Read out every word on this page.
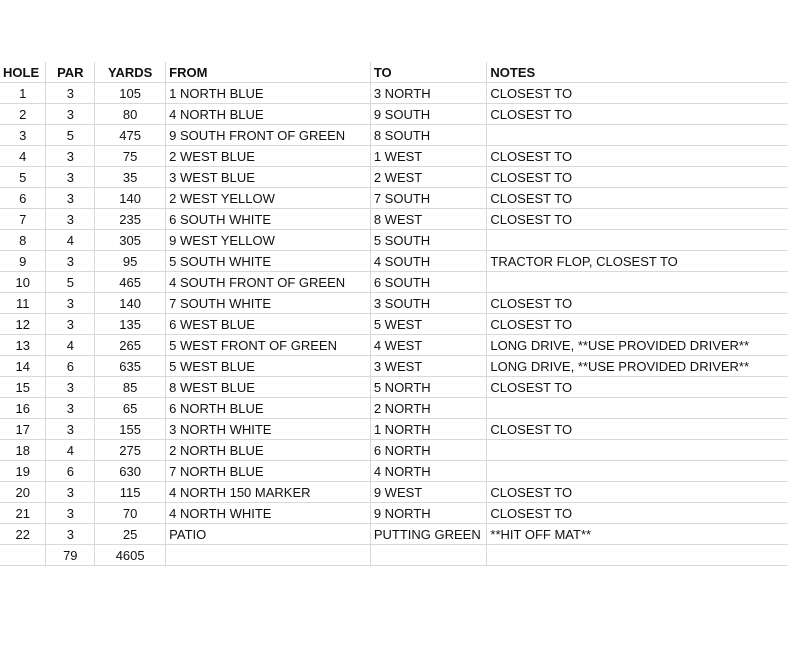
HOLE	PAR	YARDS	FROM	TO	NOTES
1	3	105	1 NORTH BLUE	3 NORTH	CLOSEST TO
2	3	80	4 NORTH BLUE	9 SOUTH	CLOSEST TO
3	5	475	9 SOUTH FRONT OF GREEN	8 SOUTH	
4	3	75	2 WEST BLUE	1 WEST	CLOSEST TO
5	3	35	3 WEST BLUE	2 WEST	CLOSEST TO
6	3	140	2 WEST YELLOW	7 SOUTH	CLOSEST TO
7	3	235	6 SOUTH WHITE	8 WEST	CLOSEST TO
8	4	305	9 WEST YELLOW	5 SOUTH	
9	3	95	5 SOUTH WHITE	4 SOUTH	TRACTOR FLOP, CLOSEST TO
10	5	465	4 SOUTH FRONT OF GREEN	6 SOUTH	
11	3	140	7 SOUTH WHITE	3 SOUTH	CLOSEST TO
12	3	135	6 WEST BLUE	5 WEST	CLOSEST TO
13	4	265	5 WEST FRONT OF GREEN	4 WEST	LONG DRIVE, **USE PROVIDED DRIVER**
14	6	635	5 WEST BLUE	3 WEST	LONG DRIVE, **USE PROVIDED DRIVER**
15	3	85	8 WEST BLUE	5 NORTH	CLOSEST TO
16	3	65	6 NORTH BLUE	2 NORTH	
17	3	155	3 NORTH WHITE	1 NORTH	CLOSEST TO
18	4	275	2 NORTH BLUE	6 NORTH	
19	6	630	7 NORTH BLUE	4 NORTH	
20	3	115	4 NORTH 150 MARKER	9 WEST	CLOSEST TO
21	3	70	4 NORTH WHITE	9 NORTH	CLOSEST TO
22	3	25	PATIO	PUTTING GREEN	**HIT OFF MAT**
	79	4605			
